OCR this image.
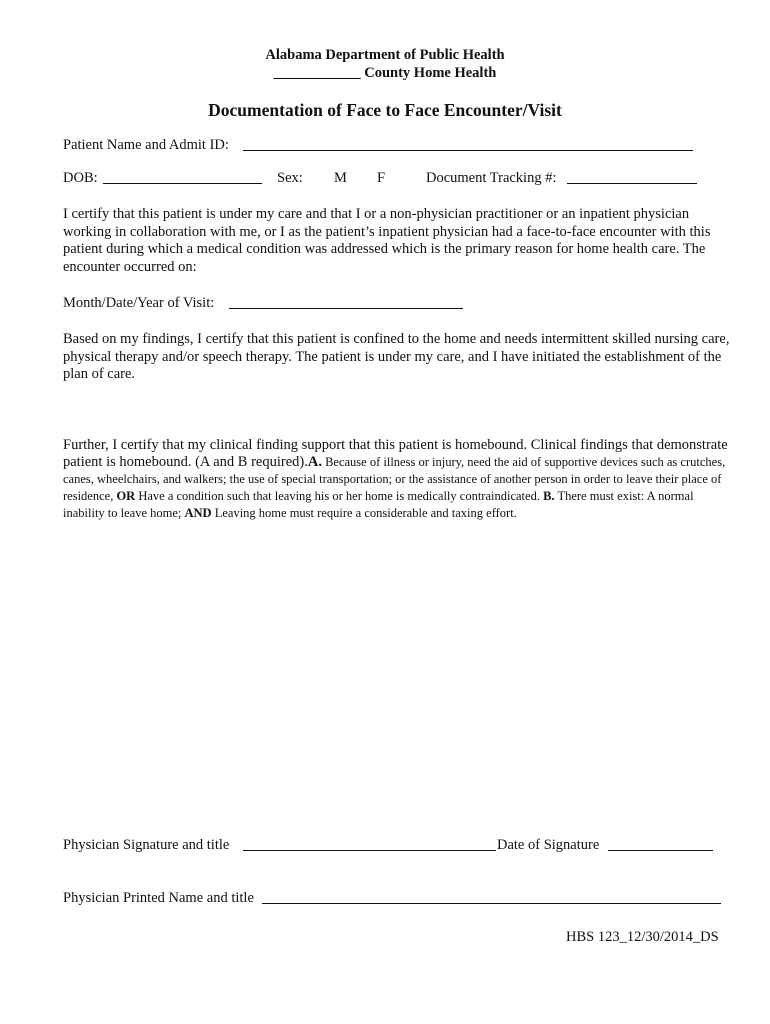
Alabama Department of Public Health
____________ County Home Health
Documentation of Face to Face Encounter/Visit
Patient Name and Admit ID:
DOB:	Sex: M F	Document Tracking #:
I certify that this patient is under my care and that I or a non-physician practitioner or an inpatient physician working in collaboration with me, or I as the patient’s inpatient physician had a face-to-face encounter with this patient during which a medical condition was addressed which is the primary reason for home health care. The encounter occurred on:
Month/Date/Year of Visit:
Based on my findings, I certify that this patient is confined to the home and needs intermittent skilled nursing care, physical therapy and/or speech therapy. The patient is under my care, and I have initiated the establishment of the plan of care.
Further, I certify that my clinical finding support that this patient is homebound. Clinical findings that demonstrate patient is homebound. (A and B required).A. Because of illness or injury, need the aid of supportive devices such as crutches, canes, wheelchairs, and walkers; the use of special transportation; or the assistance of another person in order to leave their place of residence, OR Have a condition such that leaving his or her home is medically contraindicated. B. There must exist: A normal inability to leave home; AND Leaving home must require a considerable and taxing effort.
Physician Signature and title	Date of Signature
Physician Printed Name and title
HBS 123_12/30/2014_DS
